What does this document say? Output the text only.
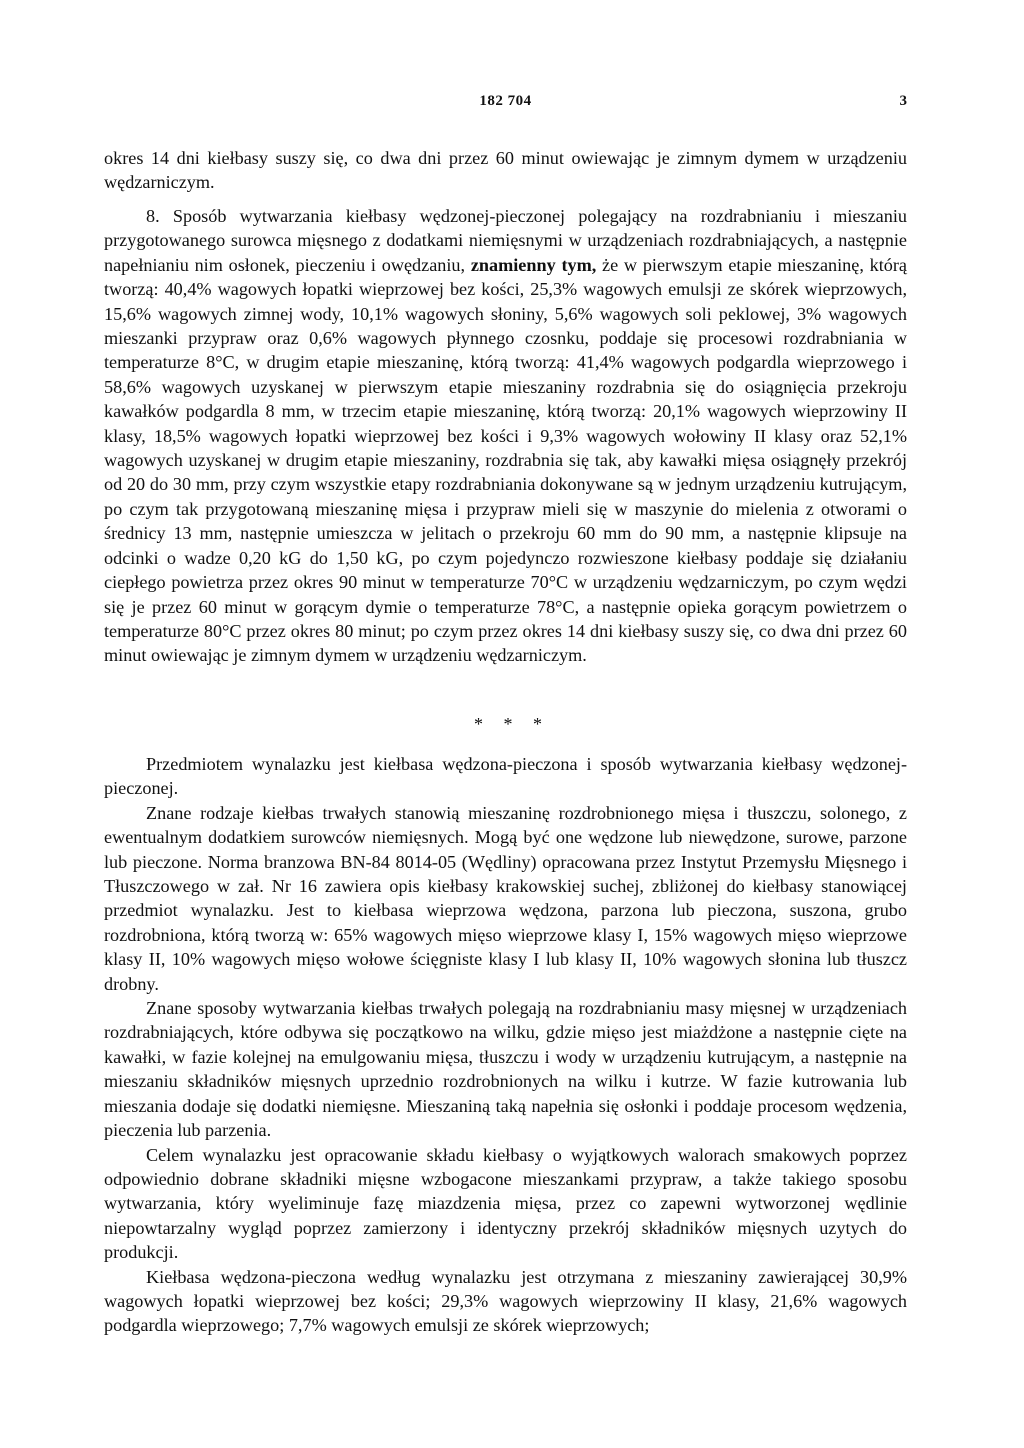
182 704	3

okres 14 dni kiełbasy suszy się, co dwa dni przez 60 minut owiewając je zimnym dymem w urządzeniu wędzarniczym.

8. Sposób wytwarzania kiełbasy wędzonej-pieczonej polegający na rozdrabnianiu i mieszaniu przygotowanego surowca mięsnego z dodatkami niemięsnymi w urządzeniach rozdrabniających, a następnie napełnianiu nim osłonek, pieczeniu i owędzaniu, znamienny tym, że w pierwszym etapie mieszaninę, którą tworzą: 40,4% wagowych łopatki wieprzowej bez kości, 25,3% wagowych emulsji ze skórek wieprzowych, 15,6% wagowych zimnej wody, 10,1% wagowych słoniny, 5,6% wagowych soli peklowej, 3% wagowych mieszanki przypraw oraz 0,6% wagowych płynnego czosnku, poddaje się procesowi rozdrabniania w temperaturze 8°C, w drugim etapie mieszaninę, którą tworzą: 41,4% wagowych podgardla wieprzowego i 58,6% wagowych uzyskanej w pierwszym etapie mieszaniny rozdrabnia się do osiągnięcia przekroju kawałków podgardla 8 mm, w trzecim etapie mieszaninę, którą tworzą: 20,1% wagowych wieprzowiny II klasy, 18,5% wagowych łopatki wieprzowej bez kości i 9,3% wagowych wołowiny II klasy oraz 52,1% wagowych uzyskanej w drugim etapie mieszaniny, rozdrabnia się tak, aby kawałki mięsa osiągnęły przekrój od 20 do 30 mm, przy czym wszystkie etapy rozdrabniania dokonywane są w jednym urządzeniu kutrującym, po czym tak przygotowaną mieszaninę mięsa i przypraw mieli się w maszynie do mielenia z otworami o średnicy 13 mm, następnie umieszcza w jelitach o przekroju 60 mm do 90 mm, a następnie klipsuje na odcinki o wadze 0,20 kG do 1,50 kG, po czym pojedynczo rozwieszone kiełbasy poddaje się działaniu ciepłego powietrza przez okres 90 minut w temperaturze 70°C w urządzeniu wędzarniczym, po czym wędzi się je przez 60 minut w gorącym dymie o temperaturze 78°C, a następnie opieka gorącym powietrzem o temperaturze 80°C przez okres 80 minut; po czym przez okres 14 dni kiełbasy suszy się, co dwa dni przez 60 minut owiewając je zimnym dymem w urządzeniu wędzarniczym.

* * *

Przedmiotem wynalazku jest kiełbasa wędzona-pieczona i sposób wytwarzania kiełbasy wędzonej-pieczonej.

Znane rodzaje kiełbas trwałych stanowią mieszaninę rozdrobnionego mięsa i tłuszczu, solonego, z ewentualnym dodatkiem surowców niemięsnych. Mogą być one wędzone lub niewędzone, surowe, parzone lub pieczone. Norma branzowa BN-84 8014-05 (Wędliny) opracowana przez Instytut Przemysłu Mięsnego i Tłuszczowego w zał. Nr 16 zawiera opis kiełbasy krakowskiej suchej, zbliżonej do kiełbasy stanowiącej przedmiot wynalazku. Jest to kiełbasa wieprzowa wędzona, parzona lub pieczona, suszona, grubo rozdrobniona, którą tworzą w: 65% wagowych mięso wieprzowe klasy I, 15% wagowych mięso wieprzowe klasy II, 10% wagowych mięso wołowe ścięgniste klasy I lub klasy II, 10% wagowych słonina lub tłuszcz drobny.

Znane sposoby wytwarzania kiełbas trwałych polegają na rozdrabnianiu masy mięsnej w urządzeniach rozdrabniających, które odbywa się początkowo na wilku, gdzie mięso jest miażdżone a następnie cięte na kawałki, w fazie kolejnej na emulgowaniu mięsa, tłuszczu i wody w urządzeniu kutrującym, a następnie na mieszaniu składników mięsnych uprzednio rozdrobnionych na wilku i kutrze. W fazie kutrowania lub mieszania dodaje się dodatki niemięsne. Mieszaniną taką napełnia się osłonki i poddaje procesom wędzenia, pieczenia lub parzenia.

Celem wynalazku jest opracowanie składu kiełbasy o wyjątkowych walorach smakowych poprzez odpowiednio dobrane składniki mięsne wzbogacone mieszankami przypraw, a także takiego sposobu wytwarzania, który wyeliminuje fazę miazdzenia mięsa, przez co zapewni wytworzonej wędlinie niepowtarzalny wygląd poprzez zamierzony i identyczny przekrój składników mięsnych uzytych do produkcji.

Kiełbasa wędzona-pieczona według wynalazku jest otrzymana z mieszaniny zawierającej 30,9% wagowych łopatki wieprzowej bez kości; 29,3% wagowych wieprzowiny II klasy, 21,6% wagowych podgardla wieprzowego; 7,7% wagowych emulsji ze skórek wieprzowych;
